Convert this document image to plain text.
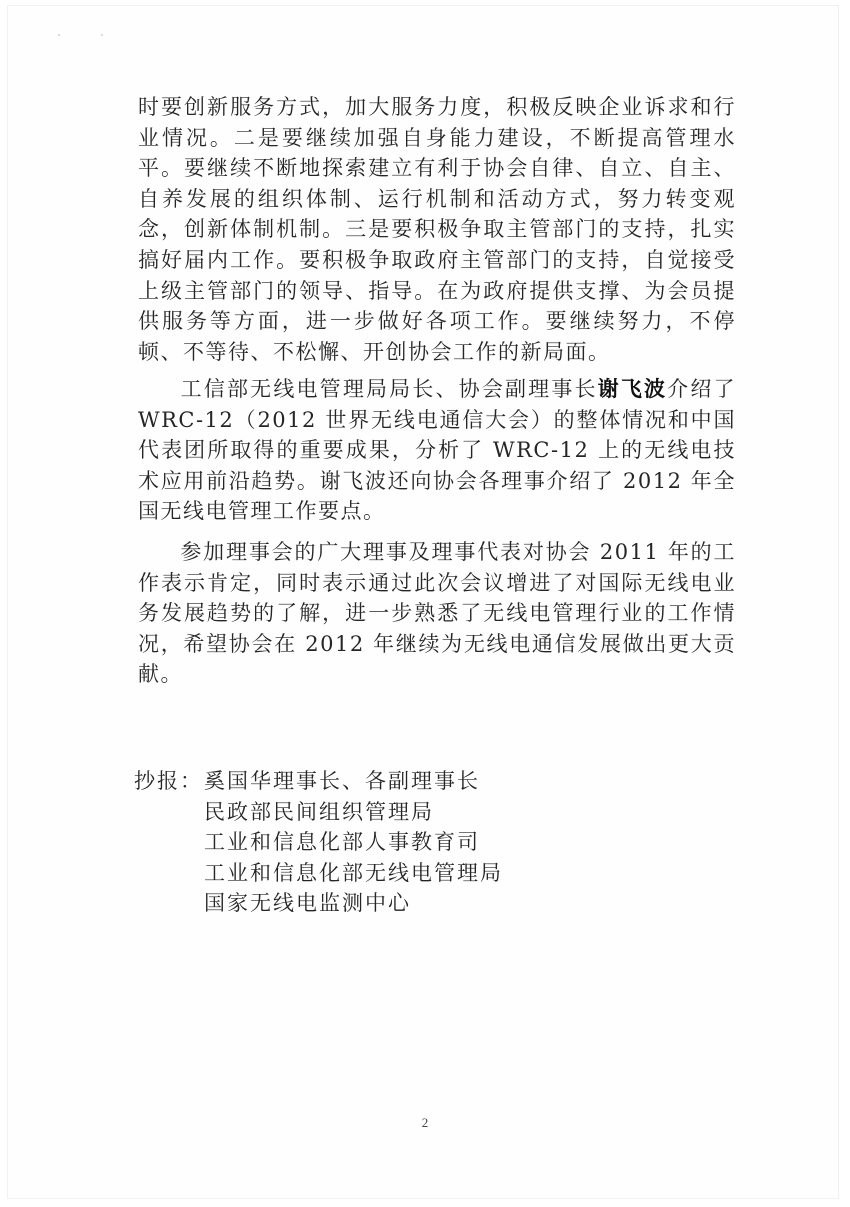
时要创新服务方式，加大服务力度，积极反映企业诉求和行业情况。二是要继续加强自身能力建设，不断提高管理水平。要继续不断地探索建立有利于协会自律、自立、自主、自养发展的组织体制、运行机制和活动方式，努力转变观念，创新体制机制。三是要积极争取主管部门的支持，扎实搞好届内工作。要积极争取政府主管部门的支持，自觉接受上级主管部门的领导、指导。在为政府提供支撑、为会员提供服务等方面，进一步做好各项工作。要继续努力，不停顿、不等待、不松懈、开创协会工作的新局面。

工信部无线电管理局局长、协会副理事长谢飞波介绍了 WRC-12（2012 世界无线电通信大会）的整体情况和中国代表团所取得的重要成果，分析了 WRC-12 上的无线电技术应用前沿趋势。谢飞波还向协会各理事介绍了 2012 年全国无线电管理工作要点。

参加理事会的广大理事及理事代表对协会 2011 年的工作表示肯定，同时表示通过此次会议增进了对国际无线电业务发展趋势的了解，进一步熟悉了无线电管理行业的工作情况，希望协会在 2012 年继续为无线电通信发展做出更大贡献。

抄报： 奚国华理事长、各副理事长
民政部民间组织管理局
工业和信息化部人事教育司
工业和信息化部无线电管理局
国家无线电监测中心
2
